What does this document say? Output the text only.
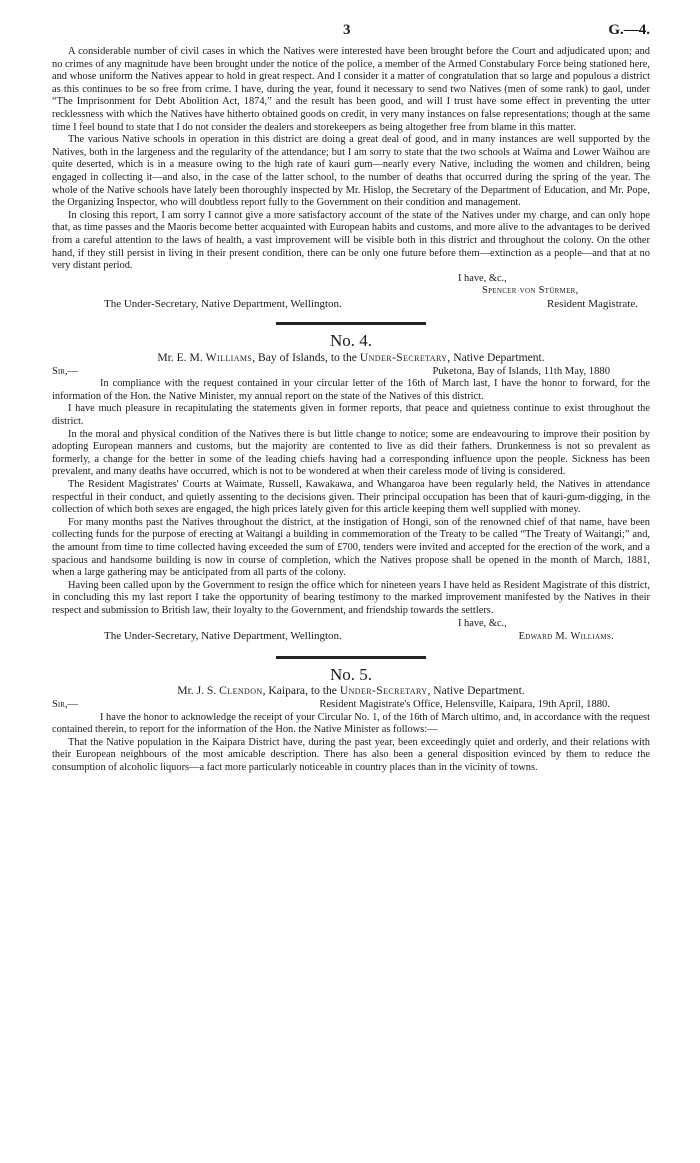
3	G.—4.

A considerable number of civil cases in which the Natives were interested have been brought before the Court and adjudicated upon; and no crimes of any magnitude have been brought under the notice of the police, a member of the Armed Constabulary Force being stationed here, and whose uniform the Natives appear to hold in great respect. And I consider it a matter of congratulation that so large and populous a district as this continues to be so free from crime. I have, during the year, found it necessary to send two Natives (men of some rank) to gaol, under “The Imprisonment for Debt Abolition Act, 1874,” and the result has been good, and will I trust have some effect in preventing the utter recklessness with which the Natives have hitherto obtained goods on credit, in very many instances on false representations; though at the same time I feel bound to state that I do not consider the dealers and storekeepers as being altogether free from blame in this matter.

The various Native schools in operation in this district are doing a great deal of good, and in many instances are well supported by the Natives, both in the largeness and the regularity of the attendance; but I am sorry to state that the two schools at Waima and Lower Waihou are quite deserted, which is in a measure owing to the high rate of kauri gum—nearly every Native, including the women and children, being engaged in collecting it—and also, in the case of the latter school, to the number of deaths that occurred during the spring of the year. The whole of the Native schools have lately been thoroughly inspected by Mr. Hislop, the Secretary of the Department of Education, and Mr. Pope, the Organizing Inspector, who will doubtless report fully to the Government on their condition and management.

In closing this report, I am sorry I cannot give a more satisfactory account of the state of the Natives under my charge, and can only hope that, as time passes and the Maoris become better acquainted with European habits and customs, and more alive to the advantages to be derived from a careful attention to the laws of health, a vast improvement will be visible both in this district and throughout the colony. On the other hand, if they still persist in living in their present condition, there can be only one future before them—extinction as a people—and that at no very distant period.

I have, &c.,

Spencer von Stürmer,

The Under-Secretary, Native Department, Wellington.	Resident Magistrate.
No. 4.
Mr. E. M. Williams, Bay of Islands, to the Under-Secretary, Native Department.
Sir,—	Puketona, Bay of Islands, 11th May, 1880

In compliance with the request contained in your circular letter of the 16th of March last, I have the honor to forward, for the information of the Hon. the Native Minister, my annual report on the state of the Natives of this district.

I have much pleasure in recapitulating the statements given in former reports, that peace and quietness continue to exist throughout the district.

In the moral and physical condition of the Natives there is but little change to notice; some are endeavouring to improve their position by adopting European manners and customs, but the majority are contented to live as did their fathers. Drunkenness is not so prevalent as formerly, a change for the better in some of the leading chiefs having had a corresponding influence upon the people. Sickness has been prevalent, and many deaths have occurred, which is not to be wondered at when their careless mode of living is considered.

The Resident Magistrates' Courts at Waimate, Russell, Kawakawa, and Whangaroa have been regularly held, the Natives in attendance respectful in their conduct, and quietly assenting to the decisions given. Their principal occupation has been that of kauri-gum-digging, in the collection of which both sexes are engaged, the high prices lately given for this article keeping them well supplied with money.

For many months past the Natives throughout the district, at the instigation of Hongi, son of the renowned chief of that name, have been collecting funds for the purpose of erecting at Waitangi a building in commemoration of the Treaty to be called “The Treaty of Waitangi;” and, the amount from time to time collected having exceeded the sum of £700, tenders were invited and accepted for the erection of the work, and a spacious and handsome building is now in course of completion, which the Natives propose shall be opened in the month of March, 1881, when a large gathering may be anticipated from all parts of the colony.

Having been called upon by the Government to resign the office which for nineteen years I have held as Resident Magistrate of this district, in concluding this my last report I take the opportunity of bearing testimony to the marked improvement manifested by the Natives in their respect and submission to British law, their loyalty to the Government, and friendship towards the settlers.

I have, &c.,

The Under-Secretary, Native Department, Wellington.	Edward M. Williams.
No. 5.
Mr. J. S. Clendon, Kaipara, to the Under-Secretary, Native Department.
Sir,—	Resident Magistrate's Office, Helensville, Kaipara, 19th April, 1880.

I have the honor to acknowledge the receipt of your Circular No. 1, of the 16th of March ultimo, and, in accordance with the request contained therein, to report for the information of the Hon. the Native Minister as follows:—

That the Native population in the Kaipara District have, during the past year, been exceedingly quiet and orderly, and their relations with their European neighbours of the most amicable description. There has also been a general disposition evinced by them to reduce the consumption of alcoholic liquors—a fact more particularly noticeable in country places than in the vicinity of towns.
